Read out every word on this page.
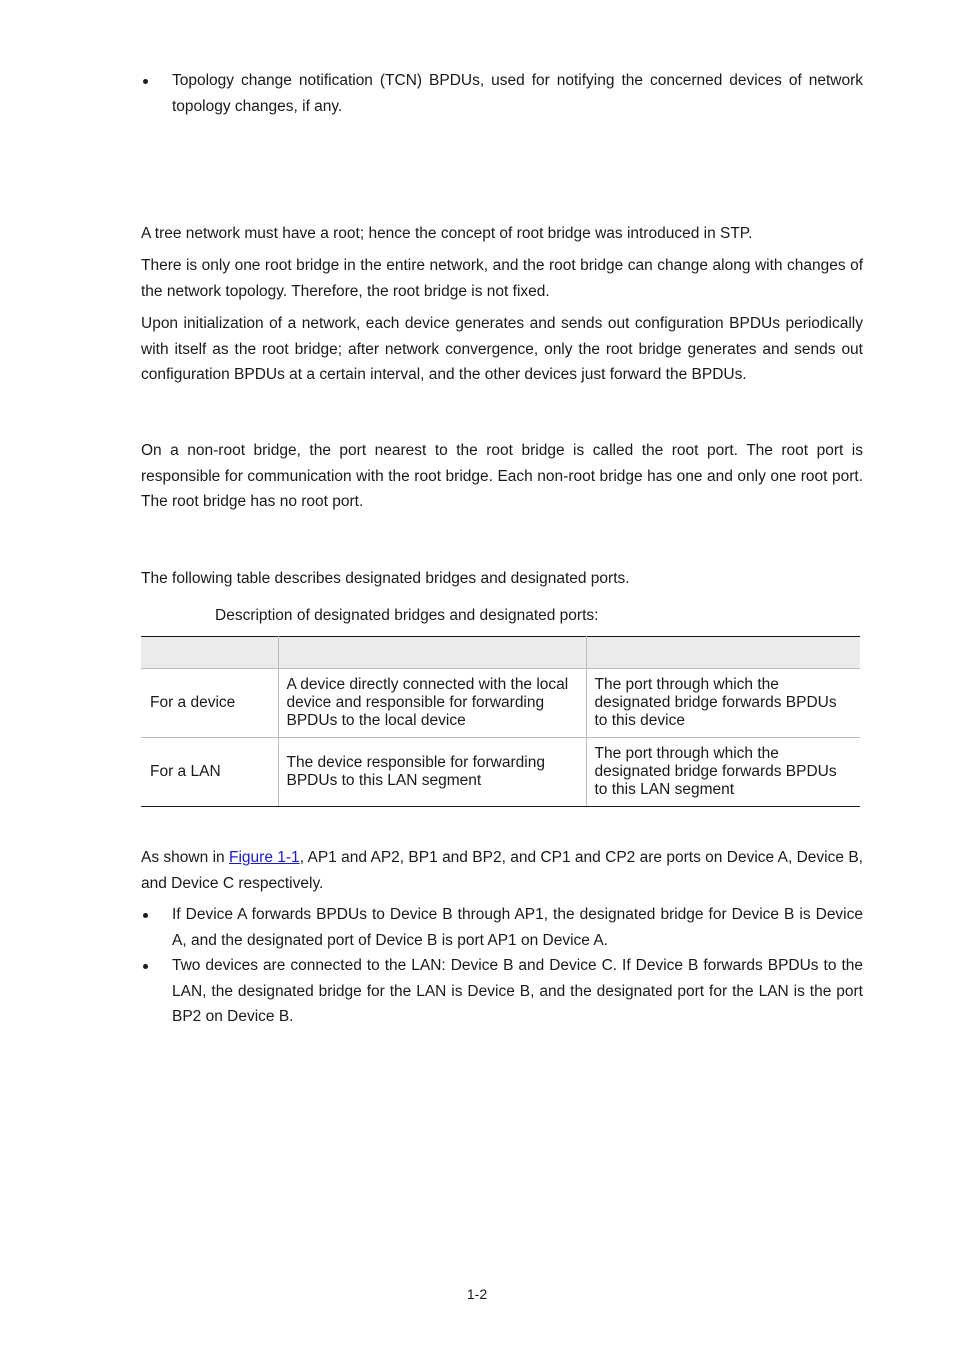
Topology change notification (TCN) BPDUs, used for notifying the concerned devices of network topology changes, if any.

A tree network must have a root; hence the concept of root bridge was introduced in STP.

There is only one root bridge in the entire network, and the root bridge can change along with changes of the network topology. Therefore, the root bridge is not fixed.

Upon initialization of a network, each device generates and sends out configuration BPDUs periodically with itself as the root bridge; after network convergence, only the root bridge generates and sends out configuration BPDUs at a certain interval, and the other devices just forward the BPDUs.

On a non-root bridge, the port nearest to the root bridge is called the root port. The root port is responsible for communication with the root bridge. Each non-root bridge has one and only one root port. The root bridge has no root port.

The following table describes designated bridges and designated ports.

Description of designated bridges and designated ports:

For a device	A device directly connected with the local device and responsible for forwarding BPDUs to the local device	The port through which the designated bridge forwards BPDUs to this device
For a LAN	The device responsible for forwarding BPDUs to this LAN segment	The port through which the designated bridge forwards BPDUs to this LAN segment

As shown in Figure 1-1, AP1 and AP2, BP1 and BP2, and CP1 and CP2 are ports on Device A, Device B, and Device C respectively.

If Device A forwards BPDUs to Device B through AP1, the designated bridge for Device B is Device A, and the designated port of Device B is port AP1 on Device A.
Two devices are connected to the LAN: Device B and Device C. If Device B forwards BPDUs to the LAN, the designated bridge for the LAN is Device B, and the designated port for the LAN is the port BP2 on Device B.
1-2
